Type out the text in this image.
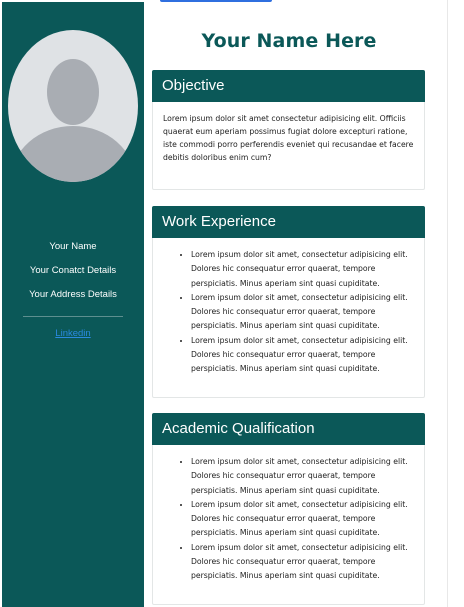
Your Name
Your Conatct Details
Your Address Details
Linkedin
Your Name Here
Objective

Lorem ipsum dolor sit amet consectetur adipisicing elit. Officiis quaerat eum aperiam possimus fugiat dolore excepturi ratione, iste commodi porro perferendis eveniet qui recusandae et facere debitis doloribus enim cum?

Work Experience
• Lorem ipsum dolor sit amet, consectetur adipisicing elit. Dolores hic consequatur error quaerat, tempore perspiciatis. Minus aperiam sint quasi cupiditate.
• Lorem ipsum dolor sit amet, consectetur adipisicing elit. Dolores hic consequatur error quaerat, tempore perspiciatis. Minus aperiam sint quasi cupiditate.
• Lorem ipsum dolor sit amet, consectetur adipisicing elit. Dolores hic consequatur error quaerat, tempore perspiciatis. Minus aperiam sint quasi cupiditate.
Academic Qualification
• Lorem ipsum dolor sit amet, consectetur adipisicing elit. Dolores hic consequatur error quaerat, tempore perspiciatis. Minus aperiam sint quasi cupiditate.
• Lorem ipsum dolor sit amet, consectetur adipisicing elit. Dolores hic consequatur error quaerat, tempore perspiciatis. Minus aperiam sint quasi cupiditate.
• Lorem ipsum dolor sit amet, consectetur adipisicing elit. Dolores hic consequatur error quaerat, tempore perspiciatis. Minus aperiam sint quasi cupiditate.
